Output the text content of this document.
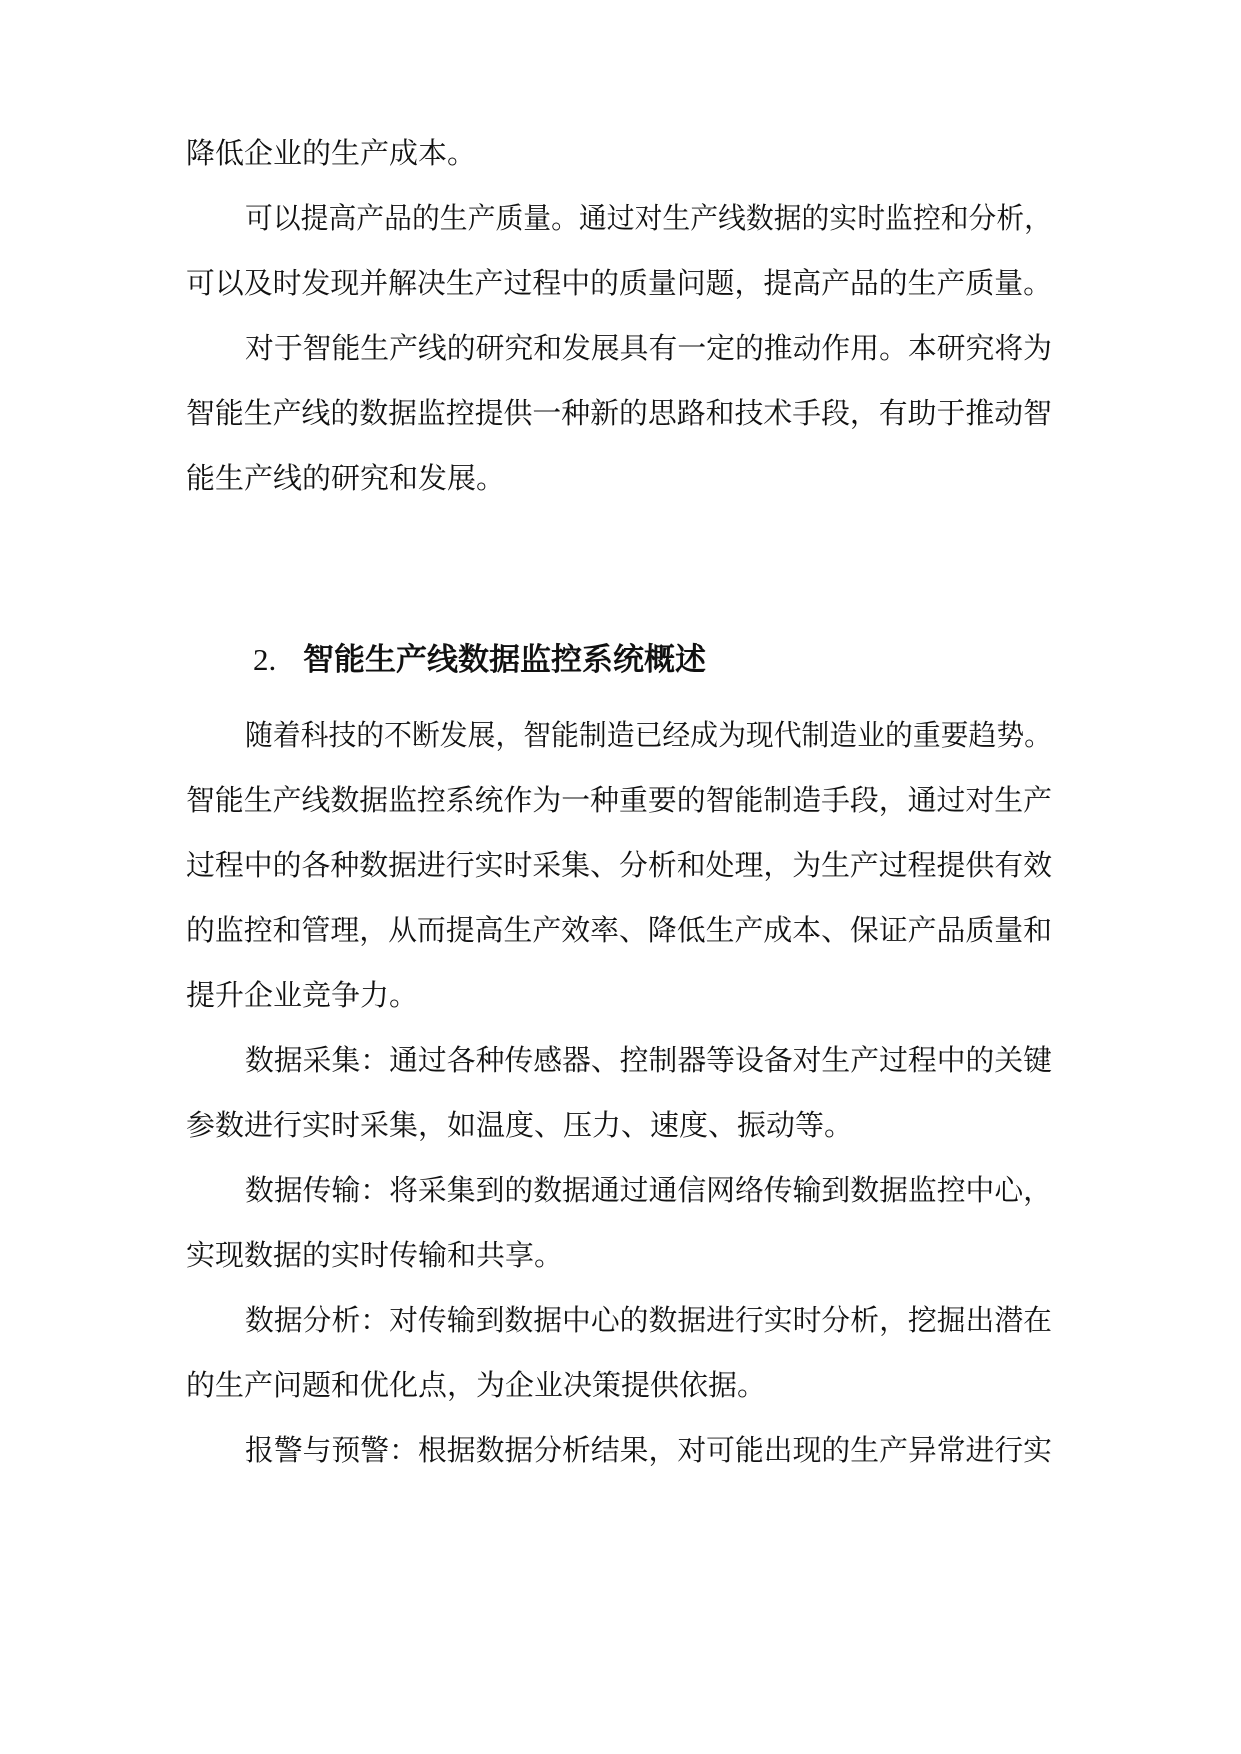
降低企业的生产成本。
可以提高产品的生产质量。通过对生产线数据的实时监控和分析，
可以及时发现并解决生产过程中的质量问题，提高产品的生产质量。
对于智能生产线的研究和发展具有一定的推动作用。本研究将为
智能生产线的数据监控提供一种新的思路和技术手段，有助于推动智
能生产线的研究和发展。
2. 智能生产线数据监控系统概述
随着科技的不断发展，智能制造已经成为现代制造业的重要趋势。
智能生产线数据监控系统作为一种重要的智能制造手段，通过对生产
过程中的各种数据进行实时采集、分析和处理，为生产过程提供有效
的监控和管理，从而提高生产效率、降低生产成本、保证产品质量和
提升企业竞争力。
数据采集：通过各种传感器、控制器等设备对生产过程中的关键
参数进行实时采集，如温度、压力、速度、振动等。
数据传输：将采集到的数据通过通信网络传输到数据监控中心，
实现数据的实时传输和共享。
数据分析：对传输到数据中心的数据进行实时分析，挖掘出潜在
的生产问题和优化点，为企业决策提供依据。
报警与预警：根据数据分析结果，对可能出现的生产异常进行实
